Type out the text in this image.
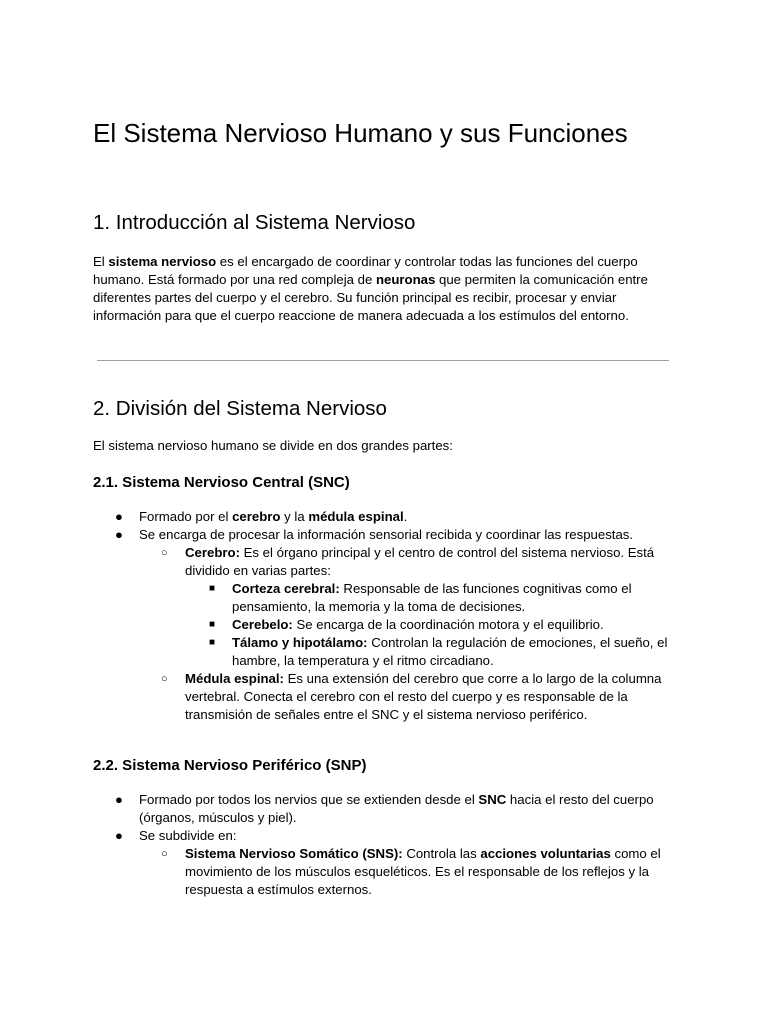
El Sistema Nervioso Humano y sus Funciones
1. Introducción al Sistema Nervioso

El sistema nervioso es el encargado de coordinar y controlar todas las funciones del cuerpo humano. Está formado por una red compleja de neuronas que permiten la comunicación entre diferentes partes del cuerpo y el cerebro. Su función principal es recibir, procesar y enviar información para que el cuerpo reaccione de manera adecuada a los estímulos del entorno.

2. División del Sistema Nervioso

El sistema nervioso humano se divide en dos grandes partes:

2.1. Sistema Nervioso Central (SNC)
● Formado por el cerebro y la médula espinal.
● Se encarga de procesar la información sensorial recibida y coordinar las respuestas.
○ Cerebro: Es el órgano principal y el centro de control del sistema nervioso. Está dividido en varias partes:
■ Corteza cerebral: Responsable de las funciones cognitivas como el pensamiento, la memoria y la toma de decisiones.
■ Cerebelo: Se encarga de la coordinación motora y el equilibrio.
■ Tálamo y hipotálamo: Controlan la regulación de emociones, el sueño, el hambre, la temperatura y el ritmo circadiano.
○ Médula espinal: Es una extensión del cerebro que corre a lo largo de la columna vertebral. Conecta el cerebro con el resto del cuerpo y es responsable de la transmisión de señales entre el SNC y el sistema nervioso periférico.
2.2. Sistema Nervioso Periférico (SNP)
● Formado por todos los nervios que se extienden desde el SNC hacia el resto del cuerpo (órganos, músculos y piel).
● Se subdivide en:
○ Sistema Nervioso Somático (SNS): Controla las acciones voluntarias como el movimiento de los músculos esqueléticos. Es el responsable de los reflejos y la respuesta a estímulos externos.
